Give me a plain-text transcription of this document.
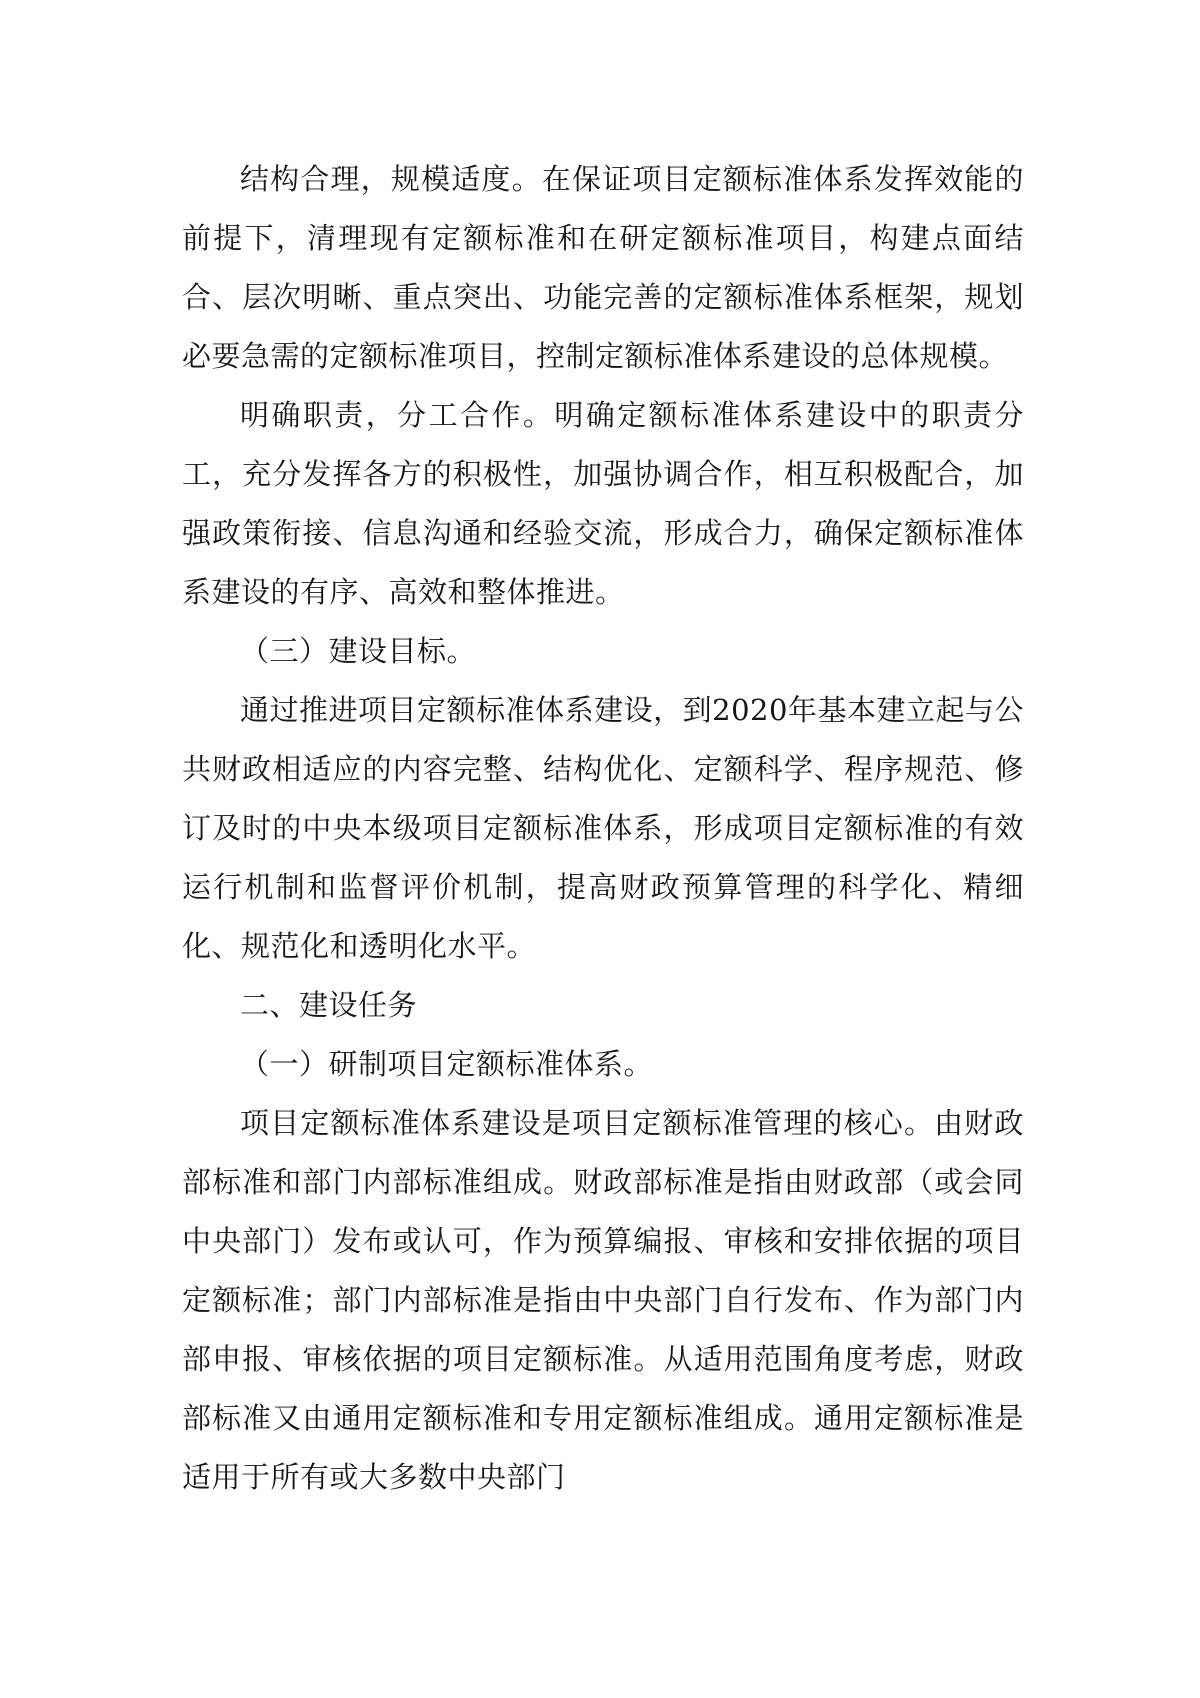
结构合理，规模适度。在保证项目定额标准体系发挥效能的前提下，清理现有定额标准和在研定额标准项目，构建点面结合、层次明晰、重点突出、功能完善的定额标准体系框架，规划必要急需的定额标准项目，控制定额标准体系建设的总体规模。

明确职责，分工合作。明确定额标准体系建设中的职责分工，充分发挥各方的积极性，加强协调合作，相互积极配合，加强政策衔接、信息沟通和经验交流，形成合力，确保定额标准体系建设的有序、高效和整体推进。

（三）建设目标。

通过推进项目定额标准体系建设，到2020年基本建立起与公共财政相适应的内容完整、结构优化、定额科学、程序规范、修订及时的中央本级项目定额标准体系，形成项目定额标准的有效运行机制和监督评价机制，提高财政预算管理的科学化、精细化、规范化和透明化水平。

二、建设任务

（一）研制项目定额标准体系。

项目定额标准体系建设是项目定额标准管理的核心。由财政部标准和部门内部标准组成。财政部标准是指由财政部（或会同中央部门）发布或认可，作为预算编报、审核和安排依据的项目定额标准；部门内部标准是指由中央部门自行发布、作为部门内部申报、审核依据的项目定额标准。从适用范围角度考虑，财政部标准又由通用定额标准和专用定额标准组成。通用定额标准是适用于所有或大多数中央部门
